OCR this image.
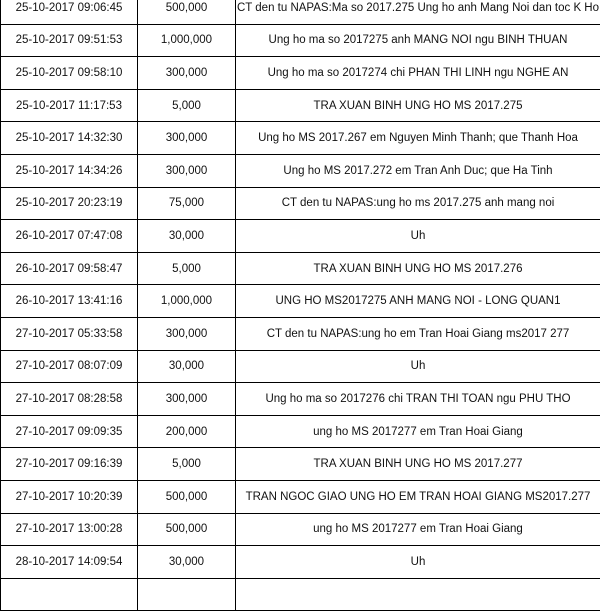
25-10-2017 09:06:45	500,000	CT den tu NAPAS:Ma so 2017.275 Ung ho anh Mang Noi dan toc K Ho
25-10-2017 09:51:53	1,000,000	Ung ho ma so 2017275 anh MANG NOI ngu BINH THUAN
25-10-2017 09:58:10	300,000	Ung ho ma so 2017274 chi PHAN THI LINH ngu NGHE AN
25-10-2017 11:17:53	5,000	TRA XUAN BINH UNG HO MS 2017.275
25-10-2017 14:32:30	300,000	Ung ho MS 2017.267 em Nguyen Minh Thanh; que Thanh Hoa
25-10-2017 14:34:26	300,000	Ung ho MS 2017.272 em Tran Anh Duc; que Ha Tinh
25-10-2017 20:23:19	75,000	CT den tu NAPAS:ung ho ms 2017.275 anh mang noi
26-10-2017 07:47:08	30,000	Uh
26-10-2017 09:58:47	5,000	TRA XUAN BINH UNG HO MS 2017.276
26-10-2017 13:41:16	1,000,000	UNG HO MS2017275 ANH MANG NOI - LONG QUAN1
27-10-2017 05:33:58	300,000	CT den tu NAPAS:ung ho em Tran Hoai Giang ms2017 277
27-10-2017 08:07:09	30,000	Uh
27-10-2017 08:28:58	300,000	Ung ho ma so 2017276 chi TRAN THI TOAN ngu PHU THO
27-10-2017 09:09:35	200,000	ung ho MS 2017277 em Tran Hoai Giang
27-10-2017 09:16:39	5,000	TRA XUAN BINH UNG HO MS 2017.277
27-10-2017 10:20:39	500,000	TRAN NGOC GIAO UNG HO EM TRAN HOAI GIANG MS2017.277
27-10-2017 13:00:28	500,000	ung ho MS 2017277 em Tran Hoai Giang
28-10-2017 14:09:54	30,000	Uh
